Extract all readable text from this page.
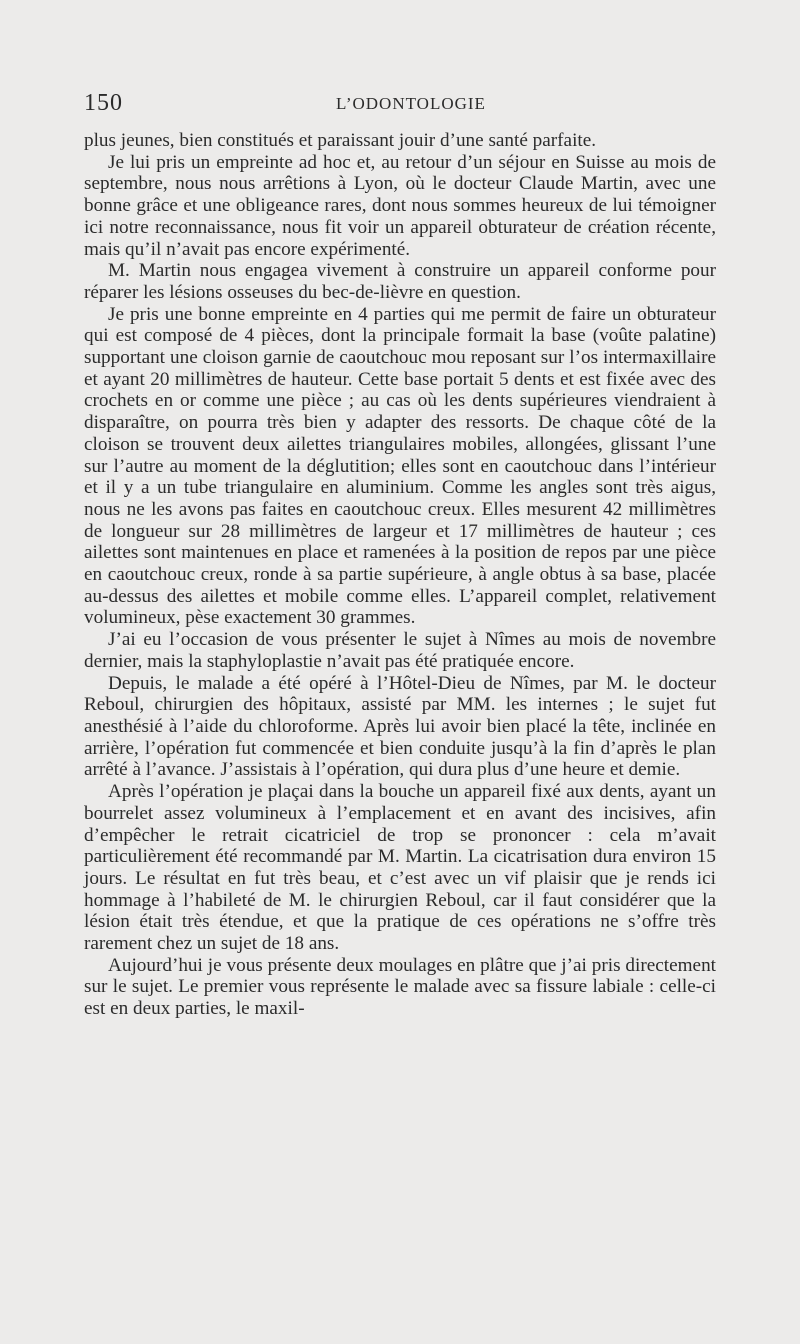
150	L’ODONTOLOGIE

plus jeunes, bien constitués et paraissant jouir d’une santé parfaite.

Je lui pris un empreinte ad hoc et, au retour d’un séjour en Suisse au mois de septembre, nous nous arrêtions à Lyon, où le docteur Claude Martin, avec une bonne grâce et une obligeance rares, dont nous sommes heureux de lui témoigner ici notre reconnaissance, nous fit voir un appareil obturateur de création récente, mais qu’il n’avait pas encore expérimenté.

M. Martin nous engagea vivement à construire un appareil conforme pour réparer les lésions osseuses du bec-de-lièvre en question.

Je pris une bonne empreinte en 4 parties qui me permit de faire un obturateur qui est composé de 4 pièces, dont la principale formait la base (voûte palatine) supportant une cloison garnie de caoutchouc mou reposant sur l’os intermaxillaire et ayant 20 millimètres de hauteur. Cette base portait 5 dents et est fixée avec des crochets en or comme une pièce ; au cas où les dents supérieures viendraient à disparaître, on pourra très bien y adapter des ressorts. De chaque côté de la cloison se trouvent deux ailettes triangulaires mobiles, allongées, glissant l’une sur l’autre au moment de la déglutition; elles sont en caoutchouc dans l’intérieur et il y a un tube triangulaire en aluminium. Comme les angles sont très aigus, nous ne les avons pas faites en caoutchouc creux. Elles mesurent 42 millimètres de longueur sur 28 millimètres de largeur et 17 millimètres de hauteur ; ces ailettes sont maintenues en place et ramenées à la position de repos par une pièce en caoutchouc creux, ronde à sa partie supérieure, à angle obtus à sa base, placée au-dessus des ailettes et mobile comme elles. L’appareil complet, relativement volumineux, pèse exactement 30 grammes.

J’ai eu l’occasion de vous présenter le sujet à Nîmes au mois de novembre dernier, mais la staphyloplastie n’avait pas été pratiquée encore.

Depuis, le malade a été opéré à l’Hôtel-Dieu de Nîmes, par M. le docteur Reboul, chirurgien des hôpitaux, assisté par MM. les internes ; le sujet fut anesthésié à l’aide du chloroforme. Après lui avoir bien placé la tête, inclinée en arrière, l’opération fut commencée et bien conduite jusqu’à la fin d’après le plan arrêté à l’avance. J’assistais à l’opération, qui dura plus d’une heure et demie.

Après l’opération je plaçai dans la bouche un appareil fixé aux dents, ayant un bourrelet assez volumineux à l’emplacement et en avant des incisives, afin d’empêcher le retrait cicatriciel de trop se prononcer : cela m’avait particulièrement été recommandé par M. Martin. La cicatrisation dura environ 15 jours. Le résultat en fut très beau, et c’est avec un vif plaisir que je rends ici hommage à l’habileté de M. le chirurgien Reboul, car il faut considérer que la lésion était très étendue, et que la pratique de ces opérations ne s’offre très rarement chez un sujet de 18 ans.

Aujourd’hui je vous présente deux moulages en plâtre que j’ai pris directement sur le sujet. Le premier vous représente le malade avec sa fissure labiale : celle-ci est en deux parties, le maxil-
